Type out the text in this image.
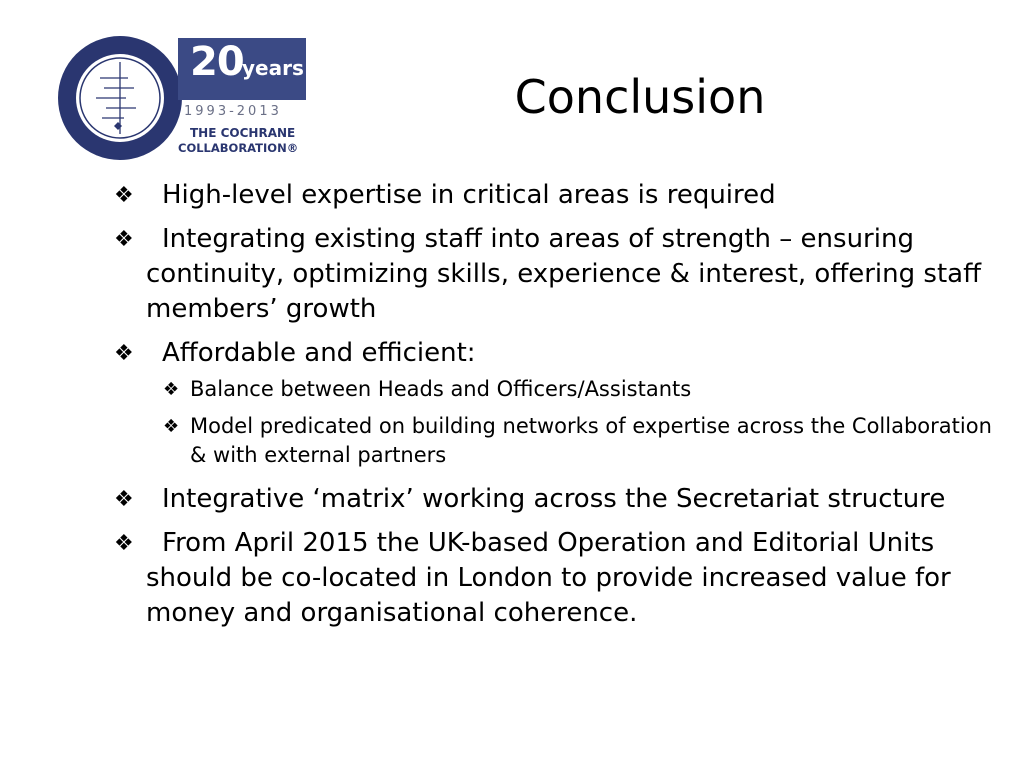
20
years
1993-2013
THE COCHRANE
COLLABORATION®
Conclusion
❖ High-level expertise in critical areas is required
❖ Integrating existing staff into areas of strength – ensuring continuity, optimizing skills, experience & interest, offering staff members’ growth
❖ Affordable and efficient:
❖ Balance between Heads and Officers/Assistants
❖ Model predicated on building networks of expertise across the Collaboration & with external partners
❖ Integrative ‘matrix’ working across the Secretariat structure
❖ From April 2015 the UK-based Operation and Editorial Units should be co-located in London to provide increased value for money and organisational coherence.
